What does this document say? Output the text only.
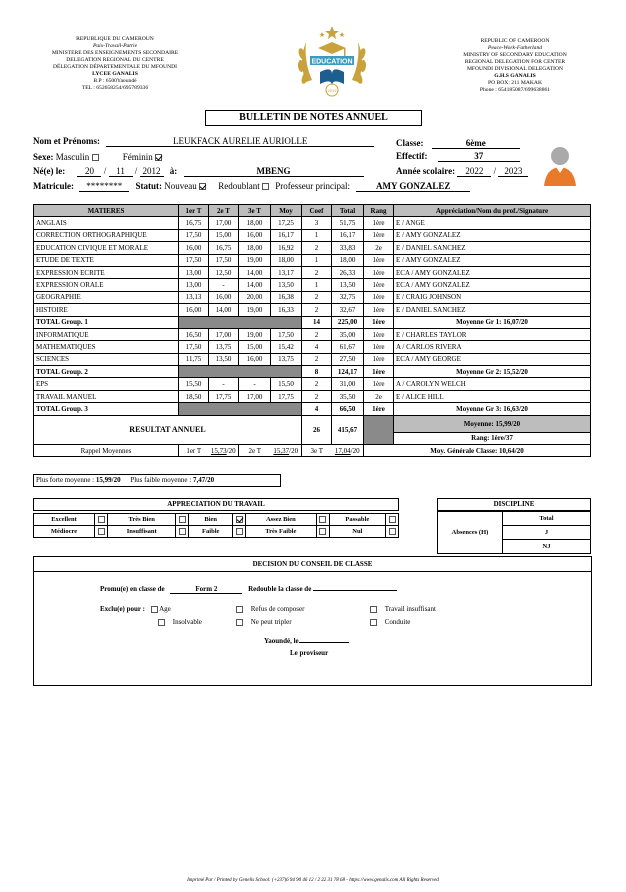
REPUBLIQUE DU CAMEROUN
Paix-Travail-Patrie
MINISTERE DES ENSEIGNEMENTS SECONDAIRE
DELEGATION REGIONAL DU CENTRE
DÉLEGATION DÉPARTEMENTALE DU MFOUNDI
LYCEE GANALIS
B.P : 6500Yaoundé
TEL : 652658254/695789336
EDUCATION
2019
REPUBLIC OF CAMEROON
Peace-Work-Fatherland
MINISTRY OF SECONDARY EDUCATION
REGIONAL DELEGATION FOR CENTER
MFOUNDI DIVISIONAL DELEGATION
G.H.S GANALIS
PO BOX: 211 MAKAK
Phone : 654185087/699638861
BULLETIN DE NOTES ANNUEL
Nom et Prénoms:	LEUKFACK AURELIE AURIOLLE	Classe:	6ème
Sexe: Masculin	Féminin	Effectif:	37
Né(e) le: 20 / 11 / 2012 à:	MBENG	Année scolaire: 2022 / 2023
Matricule: ******** Statut: Nouveau Redoublant Professeur principal:	AMY GONZALEZ
MATIERES	1er T	2e T	3e T	Moy	Coef	Total	Rang	Appréciation/Nom du prof./Signature
ANGLAIS	16,75	17,00	18,00	17,25	3	51,75	1ère	E / ANGE
CORRECTION ORTHOGRAPHIQUE	17,50	15,00	16,00	16,17	1	16,17	1ère	E / AMY GONZALEZ
EDUCATION CIVIQUE ET MORALE	16,00	16,75	18,00	16,92	2	33,83	2e	E / DANIEL SANCHEZ
ETUDE DE TEXTE	17,50	17,50	19,00	18,00	1	18,00	1ère	E / AMY GONZALEZ
EXPRESSION ECRITE	13,00	12,50	14,00	13,17	2	26,33	1ère	ECA / AMY GONZALEZ
EXPRESSION ORALE	13,00	-	14,00	13,50	1	13,50	1ère	ECA / AMY GONZALEZ
GEOGRAPHIE	13,13	16,00	20,00	16,38	2	32,75	1ère	E / CRAIG JOHNSON
HISTOIRE	16,00	14,00	19,00	16,33	2	32,67	1ère	E / DANIEL SANCHEZ
TOTAL Group. 1					14	225,00	1ère	Moyenne Gr 1: 16,07/20
INFORMATIQUE	16,50	17,00	19,00	17,50	2	35,00	1ère	E / CHARLES TAYLOR
MATHEMATIQUES	17,50	13,75	15,00	15,42	4	61,67	1ère	A / CARLOS RIVERA
SCIENCES	11,75	13,50	16,00	13,75	2	27,50	1ère	ECA / AMY GEORGE
TOTAL Group. 2					8	124,17	1ère	Moyenne Gr 2: 15,52/20
EPS	15,50	-	-	15,50	2	31,00	1ère	A / CAROLYN WELCH
TRAVAIL MANUEL	18,50	17,75	17,00	17,75	2	35,50	2e	E / ALICE HILL
TOTAL Group. 3					4	66,50	1ère	Moyenne Gr 3: 16,63/20
RESULTAT ANNUEL					26	415,67		Moyenne: 15,99/20
								Rang: 1ère/37
Rappel Moyennes	1er T	15,73/20	2e T	15,37/20	3e T	17,04/20	Moy. Générale Classe: 10,64/20	
Plus forte moyenne : 15,99/20 Plus faible moyenne : 7,47/20
APPRECIATION DU TRAVAIL
Excellent		Très Bien		Bien		Assez Bien		Passable	
Médiocre		Insuffisant		Faible		Très Faible		Nul	
DISCIPLINE
Absences (H)	Total
J
NJ
DECISION DU CONSEIL DE CLASSE
Promu(e) en classe de	Form 2	Redouble la classe de
Exclu(e) pour : Age	Refus de composer	Travail insuffisant
Insolvable	Ne peut tripler	Conduite
Yaoundé, le
Le proviseur
Imprimé Par / Printed by Genelis School: (+237)6 94 90 46 12 / 2 22 31 78 68 - https://www.genalis.com All Rights Reserved
